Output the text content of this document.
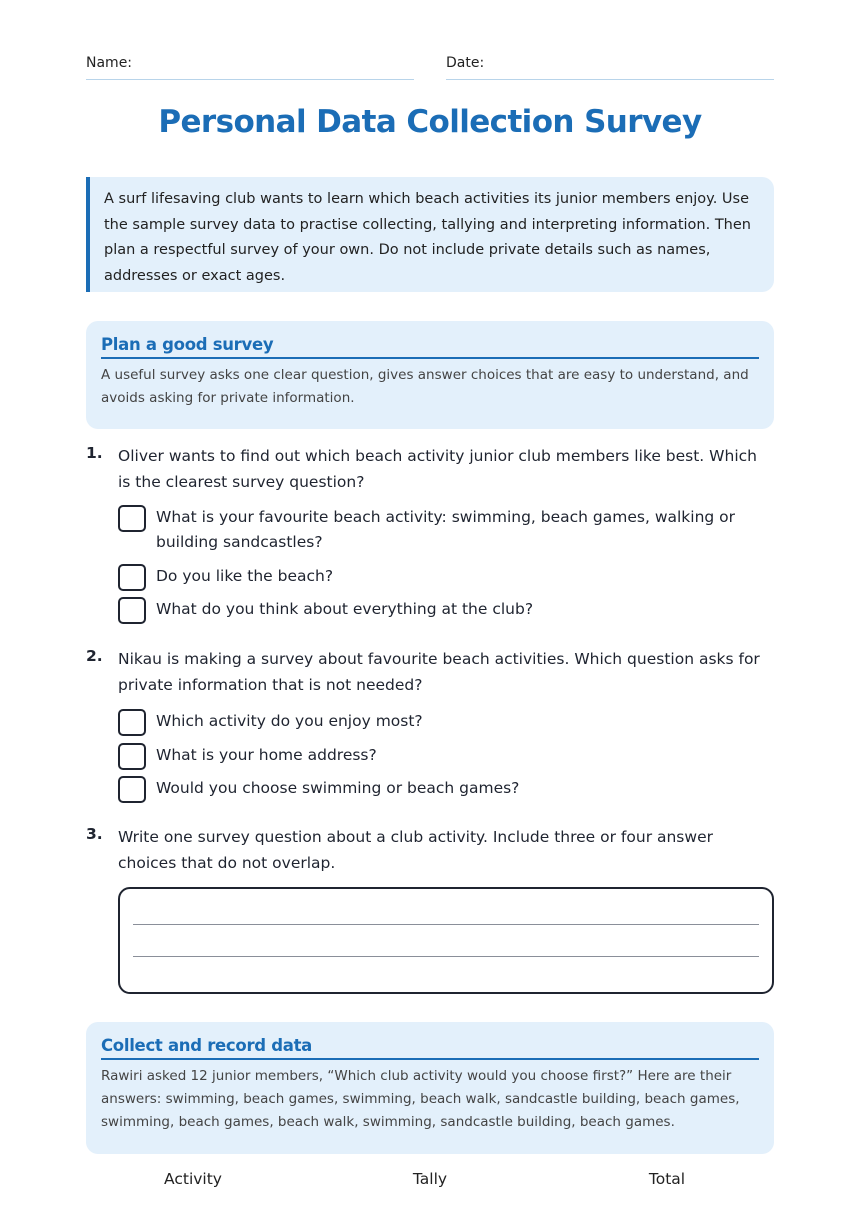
Name:	Date:
Personal Data Collection Survey
A surf lifesaving club wants to learn which beach activities its junior members enjoy. Use the sample survey data to practise collecting, tallying and interpreting information. Then plan a respectful survey of your own. Do not include private details such as names, addresses or exact ages.
Plan a good survey

A useful survey asks one clear question, gives answer choices that are easy to understand, and avoids asking for private information.

1. Oliver wants to find out which beach activity junior club members like best. Which is the clearest survey question?
What is your favourite beach activity: swimming, beach games, walking or building sandcastles?
Do you like the beach?
What do you think about everything at the club?
2. Nikau is making a survey about favourite beach activities. Which question asks for private information that is not needed?
Which activity do you enjoy most?
What is your home address?
Would you choose swimming or beach games?
3. Write one survey question about a club activity. Include three or four answer choices that do not overlap.
Collect and record data

Rawiri asked 12 junior members, “Which club activity would you choose first?” Here are their answers: swimming, beach games, swimming, beach walk, sandcastle building, beach games, swimming, beach games, beach walk, swimming, sandcastle building, beach games.

Activity	Tally	Total
